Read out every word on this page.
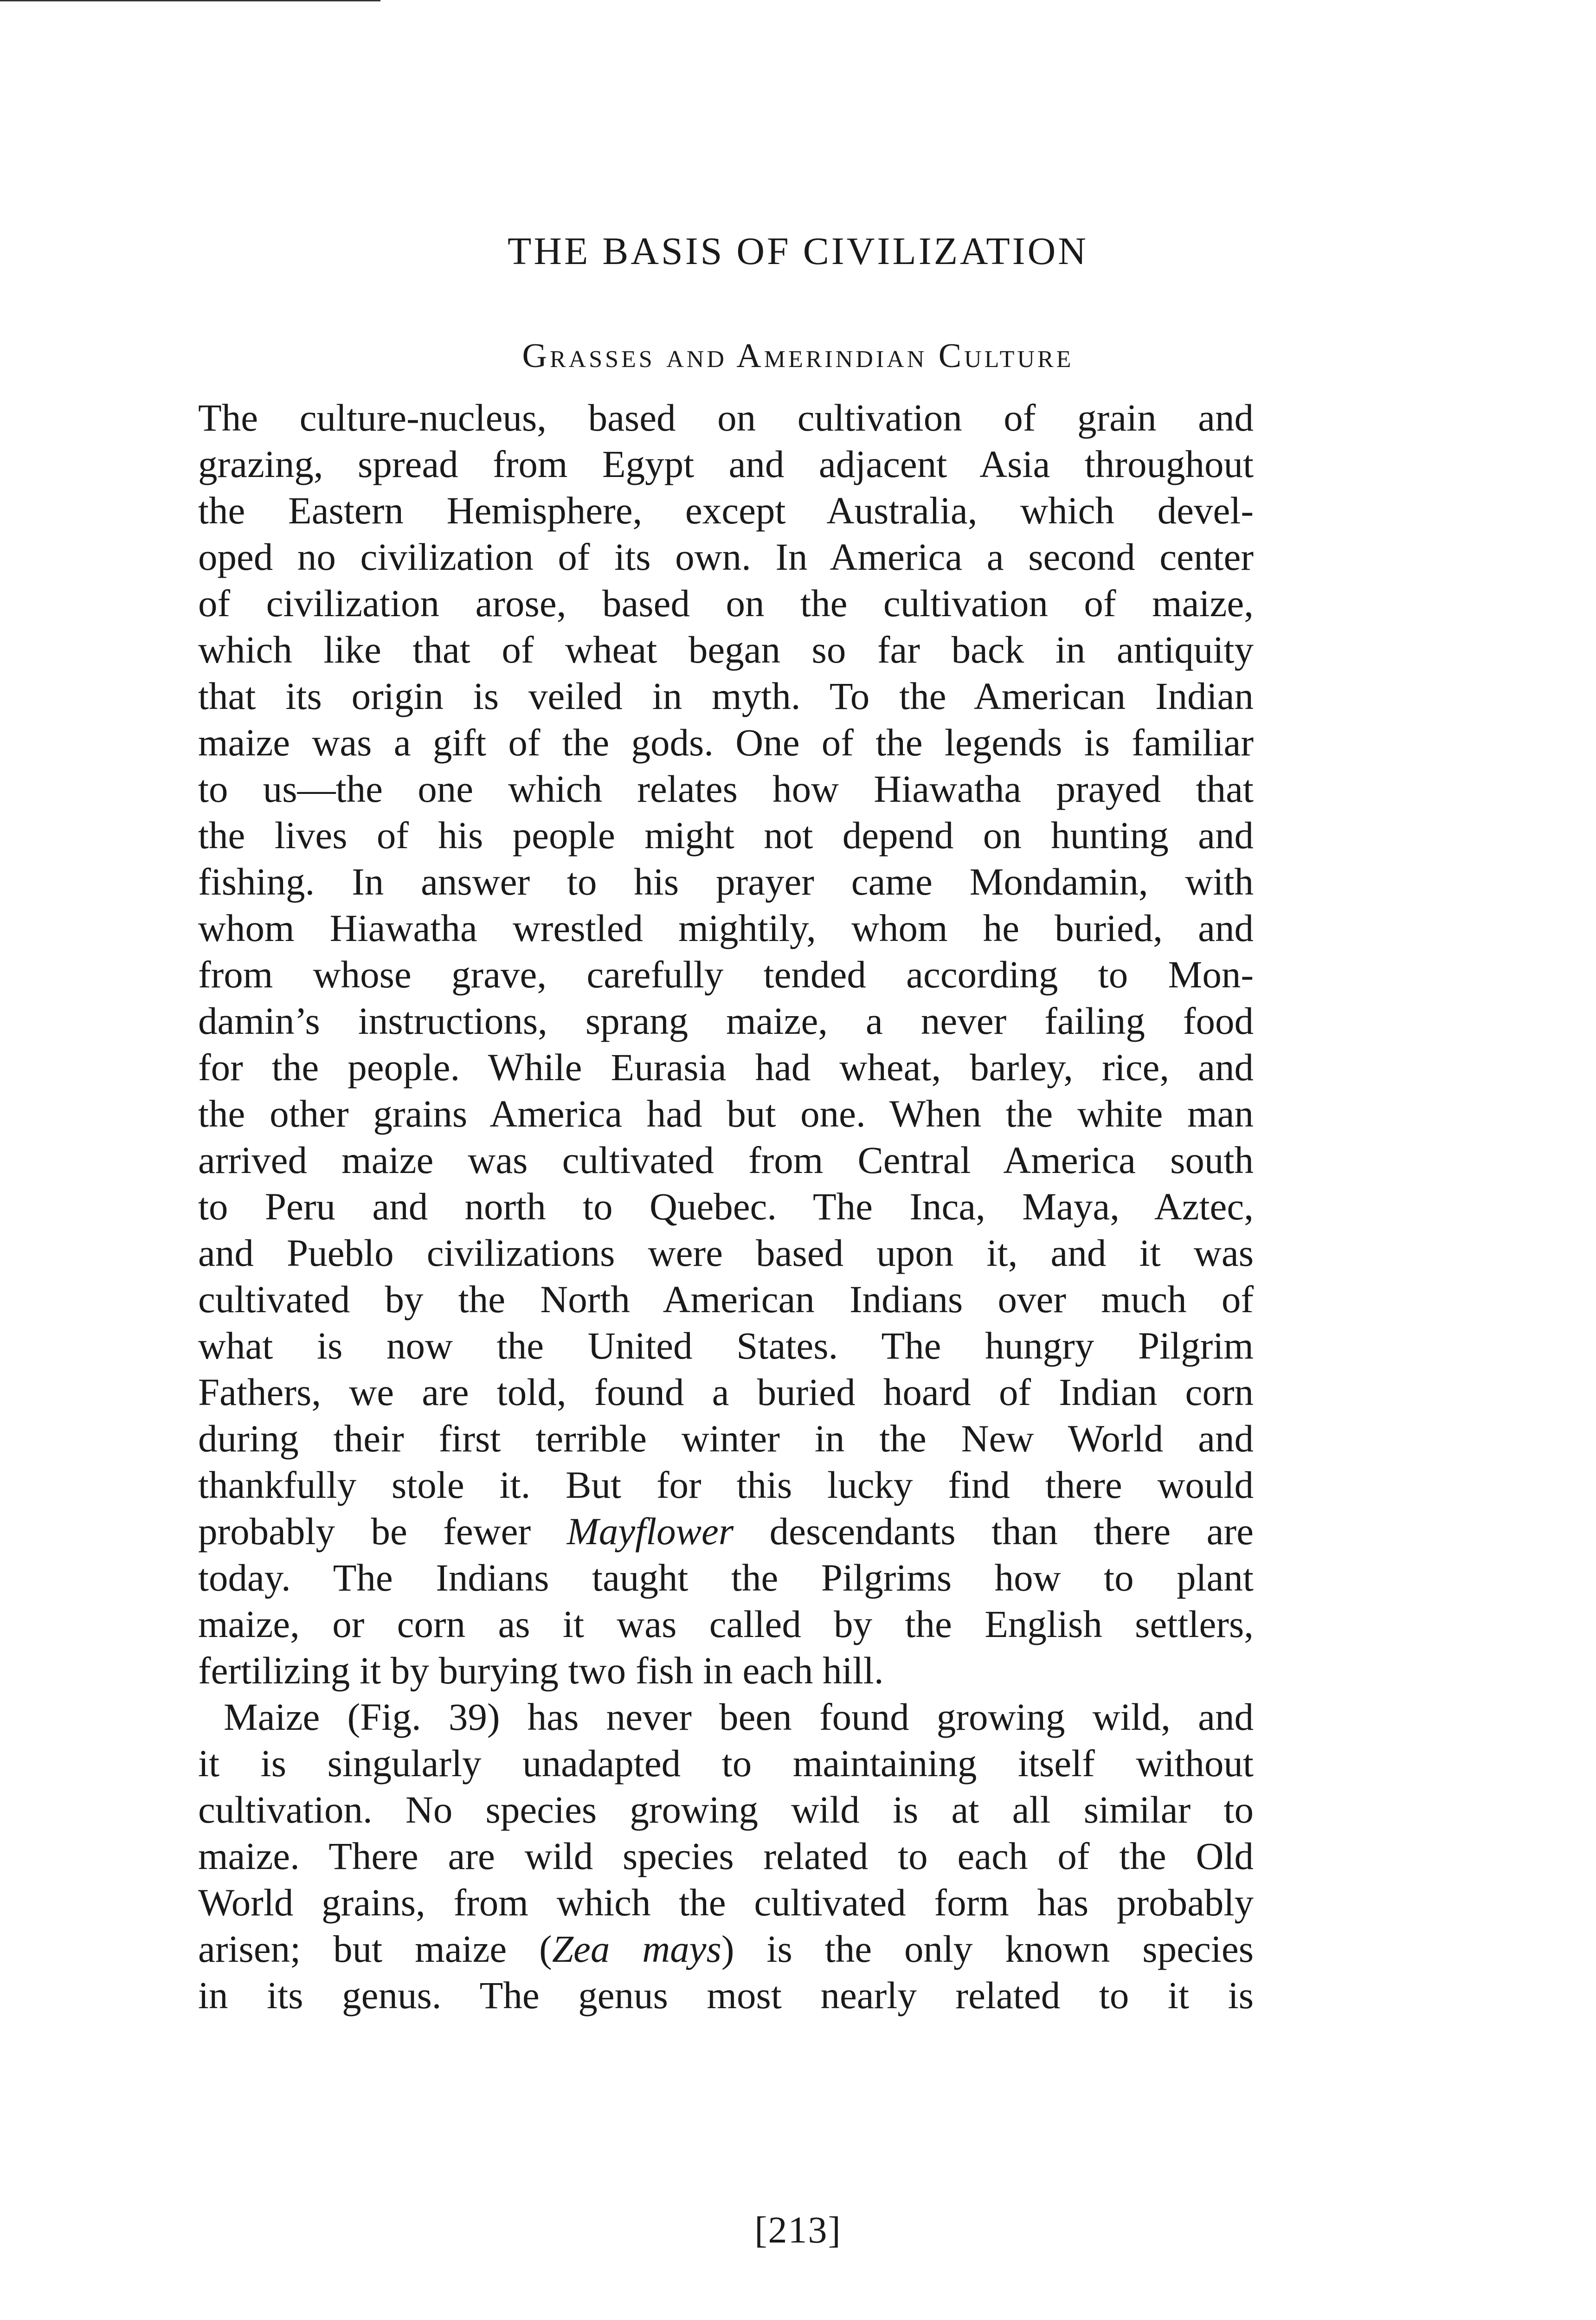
THE BASIS OF CIVILIZATION
Grasses and Amerindian Culture
The culture-nucleus, based on cultivation of grain and
grazing, spread from Egypt and adjacent Asia throughout
the Eastern Hemisphere, except Australia, which devel-
oped no civilization of its own. In America a second center
of civilization arose, based on the cultivation of maize,
which like that of wheat began so far back in antiquity
that its origin is veiled in myth. To the American Indian
maize was a gift of the gods. One of the legends is familiar
to us—the one which relates how Hiawatha prayed that
the lives of his people might not depend on hunting and
fishing. In answer to his prayer came Mondamin, with
whom Hiawatha wrestled mightily, whom he buried, and
from whose grave, carefully tended according to Mon-
damin’s instructions, sprang maize, a never failing food
for the people. While Eurasia had wheat, barley, rice, and
the other grains America had but one. When the white man
arrived maize was cultivated from Central America south
to Peru and north to Quebec. The Inca, Maya, Aztec,
and Pueblo civilizations were based upon it, and it was
cultivated by the North American Indians over much of
what is now the United States. The hungry Pilgrim
Fathers, we are told, found a buried hoard of Indian corn
during their first terrible winter in the New World and
thankfully stole it. But for this lucky find there would
probably be fewer Mayflower descendants than there are
today. The Indians taught the Pilgrims how to plant
maize, or corn as it was called by the English settlers,
fertilizing it by burying two fish in each hill.
Maize (Fig. 39) has never been found growing wild, and
it is singularly unadapted to maintaining itself without
cultivation. No species growing wild is at all similar to
maize. There are wild species related to each of the Old
World grains, from which the cultivated form has probably
arisen; but maize (Zea mays) is the only known species
in its genus. The genus most nearly related to it is
[213]
